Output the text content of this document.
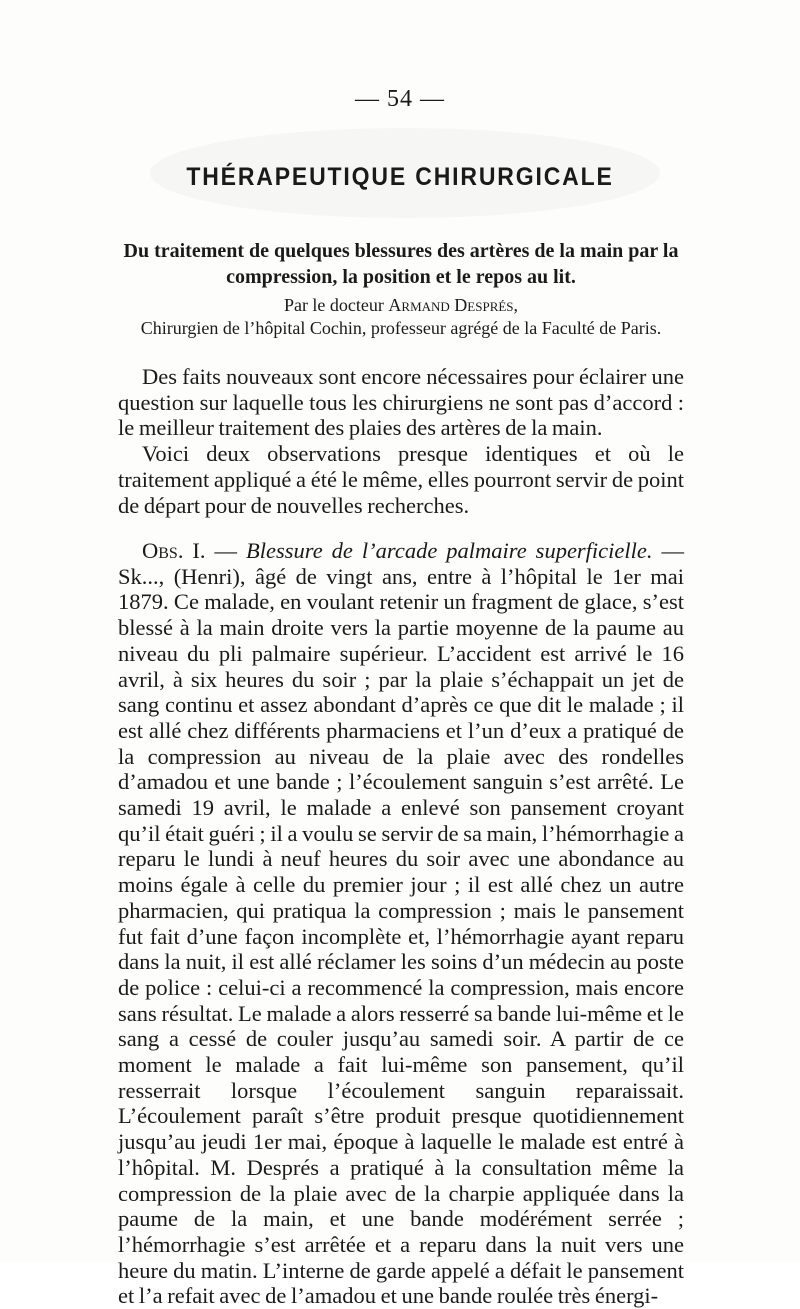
— 54 —
THÉRAPEUTIQUE CHIRURGICALE
Du traitement de quelques blessures des artères de la main par la compression, la position et le repos au lit.
Par le docteur Armand Després,
Chirurgien de l’hôpital Cochin, professeur agrégé de la Faculté de Paris.

Des faits nouveaux sont encore nécessaires pour éclairer une question sur laquelle tous les chirurgiens ne sont pas d’accord : le meilleur traitement des plaies des artères de la main.

Voici deux observations presque identiques et où le traitement appliqué a été le même, elles pourront servir de point de départ pour de nouvelles recherches.

Obs. I. — Blessure de l’arcade palmaire superficielle. — Sk..., (Henri), âgé de vingt ans, entre à l’hôpital le 1er mai 1879. Ce malade, en voulant retenir un fragment de glace, s’est blessé à la main droite vers la partie moyenne de la paume au niveau du pli palmaire supérieur. L’accident est arrivé le 16 avril, à six heures du soir ; par la plaie s’échappait un jet de sang continu et assez abondant d’après ce que dit le malade ; il est allé chez différents pharmaciens et l’un d’eux a pratiqué de la compression au niveau de la plaie avec des rondelles d’amadou et une bande ; l’écoulement sanguin s’est arrêté. Le samedi 19 avril, le malade a enlevé son pansement croyant qu’il était guéri ; il a voulu se servir de sa main, l’hémorrhagie a reparu le lundi à neuf heures du soir avec une abondance au moins égale à celle du premier jour ; il est allé chez un autre pharmacien, qui pratiqua la compression ; mais le pansement fut fait d’une façon incomplète et, l’hémorrhagie ayant reparu dans la nuit, il est allé réclamer les soins d’un médecin au poste de police : celui-ci a recommencé la compression, mais encore sans résultat. Le malade a alors resserré sa bande lui-même et le sang a cessé de couler jusqu’au samedi soir. A partir de ce moment le malade a fait lui-même son pansement, qu’il resserrait lorsque l’écoulement sanguin reparaissait. L’écoulement paraît s’être produit presque quotidiennement jusqu’au jeudi 1er mai, époque à laquelle le malade est entré à l’hôpital. M. Després a pratiqué à la consultation même la compression de la plaie avec de la charpie appliquée dans la paume de la main, et une bande modérément serrée ; l’hémorrhagie s’est arrêtée et a reparu dans la nuit vers une heure du matin. L’interne de garde appelé a défait le pansement et l’a refait avec de l’amadou et une bande roulée très énergi-
